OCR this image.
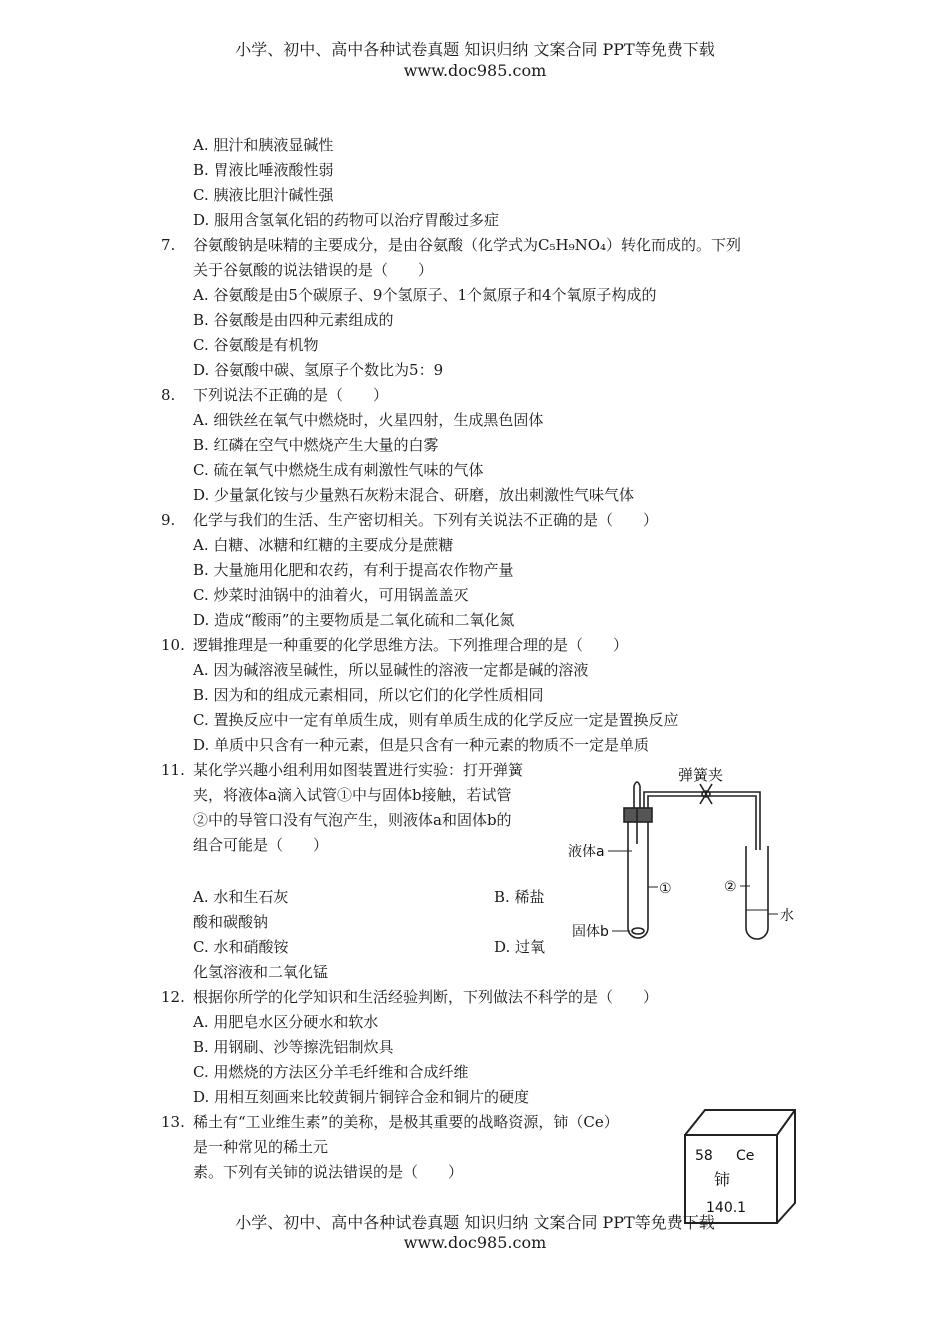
小学、初中、高中各种试卷真题 知识归纳 文案合同 PPT等免费下载
www.doc985.com
A. 胆汁和胰液显碱性
B. 胃液比唾液酸性弱
C. 胰液比胆汁碱性强
D. 服用含氢氧化铝的药物可以治疗胃酸过多症
7. 谷氨酸钠是味精的主要成分，是由谷氨酸（化学式为C₅H₉NO₄）转化而成的。下列
关于谷氨酸的说法错误的是（　　）
A. 谷氨酸是由5个碳原子、9个氢原子、1个氮原子和4个氧原子构成的
B. 谷氨酸是由四种元素组成的
C. 谷氨酸是有机物
D. 谷氨酸中碳、氢原子个数比为5：9
8. 下列说法不正确的是（　　）
A. 细铁丝在氧气中燃烧时，火星四射，生成黑色固体
B. 红磷在空气中燃烧产生大量的白雾
C. 硫在氧气中燃烧生成有刺激性气味的气体
D. 少量氯化铵与少量熟石灰粉末混合、研磨，放出刺激性气味气体
9. 化学与我们的生活、生产密切相关。下列有关说法不正确的是（　　）
A. 白糖、冰糖和红糖的主要成分是蔗糖
B. 大量施用化肥和农药，有利于提高农作物产量
C. 炒菜时油锅中的油着火，可用锅盖盖灭
D. 造成“酸雨”的主要物质是二氧化硫和二氧化氮
10. 逻辑推理是一种重要的化学思维方法。下列推理合理的是（　　）
A. 因为碱溶液呈碱性，所以显碱性的溶液一定都是碱的溶液
B. 因为和的组成元素相同，所以它们的化学性质相同
C. 置换反应中一定有单质生成，则有单质生成的化学反应一定是置换反应
D. 单质中只含有一种元素，但是只含有一种元素的物质不一定是单质
11. 某化学兴趣小组利用如图装置进行实验：打开弹簧
夹，将液体a滴入试管①中与固体b接触，若试管
②中的导管口没有气泡产生，则液体a和固体b的
组合可能是（　　）
A. 水和生石灰	B. 稀盐
酸和碳酸钠
C. 水和硝酸铵	D. 过氧
化氢溶液和二氧化锰
弹簧夹
液体a
固体b
①	②
水
12. 根据你所学的化学知识和生活经验判断，下列做法不科学的是（　　）
A. 用肥皂水区分硬水和软水
B. 用钢刷、沙等擦洗铝制炊具
C. 用燃烧的方法区分羊毛纤维和合成纤维
D. 用相互刻画来比较黄铜片铜锌合金和铜片的硬度
13. 稀土有“工业维生素”的美称，是极其重要的战略资源，铈（Ce）
是一种常见的稀土元
素。下列有关铈的说法错误的是（　　）
58 Ce
铈
140.1
小学、初中、高中各种试卷真题 知识归纳 文案合同 PPT等免费下载
www.doc985.com
